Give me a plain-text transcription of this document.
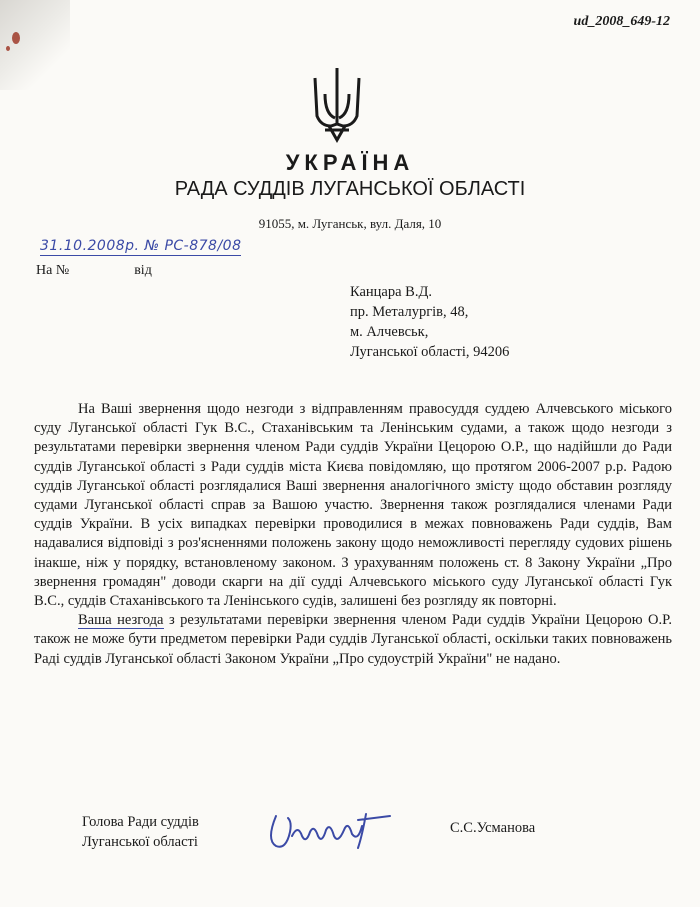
ud_2008_649-12
УКРАЇНА
РАДА СУДДІВ ЛУГАНСЬКОЇ ОБЛАСТІ
91055, м. Луганськ, вул. Даля, 10
31.10.2008р. № РС-878/08
На №	від
Канцара В.Д.
пр. Металургів, 48,
м. Алчевськ,
Луганської області, 94206

На Ваші звернення щодо незгоди з відправленням правосуддя суддею Алчевського міського суду Луганської області Гук В.С., Стаханівським та Ленінським судами, а також щодо незгоди з результатами перевірки звернення членом Ради суддів України Цецорою О.Р., що надійшли до Ради суддів Луганської області з Ради суддів міста Києва повідомляю, що протягом 2006-2007 р.р. Радою суддів Луганської області розглядалися Ваші звернення аналогічного змісту щодо обставин розгляду судами Луганської області справ за Вашою участю. Звернення також розглядалися членами Ради суддів України. В усіх випадках перевірки проводилися в межах повноважень Ради суддів, Вам надавалися відповіді з роз'ясненнями положень закону щодо неможливості перегляду судових рішень інакше, ніж у порядку, встановленому законом. З урахуванням положень ст. 8 Закону України „Про звернення громадян" доводи скарги на дії судді Алчевського міського суду Луганської області Гук В.С., суддів Стаханівського та Ленінського судів, залишені без розгляду як повторні.

Ваша незгода з результатами перевірки звернення членом Ради суддів України Цецорою О.Р. також не може бути предметом перевірки Ради суддів Луганської області, оскільки таких повноважень Раді суддів Луганської області Законом України „Про судоустрій України" не надано.

Голова Ради суддів
Луганської області
С.С.Усманова
